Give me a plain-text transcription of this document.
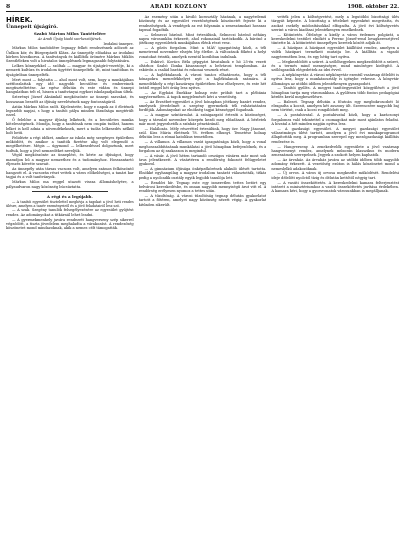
8	ARADI KÖZLÖNY	1908. október 22.
HÍREK.
Ünnepeit újságíró.

Szabó Márton Milos Tantételére

Az Aradi Újság kiadó szerkesztőjének.

Irodalmi ünnepre.

Márkus Milos tanítóidére legnagy felkéi rendezésnek adózott az Ünlkon kör, és Bürgerpárdt Klára. Az ünnepély előadása az irodalmi körben hivatkozva. A tanítványok és kiállítók örömére Márkus Miklós Szentléleken volt a hivatalos ünneplésnek legmagasabb folytatására.

Lelkes könnyekkel — szóltak — magyar és újságíró-vezetője, ki a nemzeti kultúra és irodalom ügyéért ünnepelték: itt, mint tanítóban és újságíróban ünnepelték.

Mert most — folytatta — ahol most volt, sem, hogy a munkájában szétfoszlattak egy idő nagyobb becsülése és embereinek megtiszteltetése. Az egész délután és este vidám és ünnepi hangulatban telt el, hiszen a tanítványai egykori iskolapadjaiban ültek.

Szterényi József Aksámkál megköszönte az ünnepi szavakat, és hosszasan beszélt az ifjúság nevelésének nagy fontosságáról.

Aztán Márkus Milos szólt. Kijelentette, hogy e napok az ő életének legszebb napjai, s hogy a tanítói pálya minden fáradsága megtérült ezzel.

Ő felelőse a magyar ifjúság lelkének, és a becsületes munka kötelességének. Mondja, hogy a tanítónak nem csupán tudást, hanem lelket is kell adnia a növendékeknek, mert a tudás lelkesedés nélkül holt betű.

Felidézte a régi időket, amikor az iskola még szegényes épületben működött, és amikor a tanítók fizetése alig volt elegendő a megélhetésre. Mégis — úgymond — lelkesedéssel dolgoztunk, mert tudtuk, hogy a jövő nemzedéket neveljük.

Végül megköszönte az ünneplést, és kérte az ifjúságot, hogy maradjon hű a magyar nemzethez és a tudományhoz. Hosszantartó éljenzés követte szavait.

Az ünnepély után társas vacsora volt, amelyen számos felköszöntő hangzott el. A vacsorán részt vettek a város előkelőségei, a tanári kar tagjai és a volt tanítványok.

Márkus Milos ma reggel utazott vissza állomáshelyére, a pályaudvaron nagy közönség búcsúztatta.

A régi és a legújabb.

— A tanítói egyesület tisztelettel meghívja a tagokat a jövő heti rendes ülésre, amelyen a tanév eseményeiről és a jövő feladatairól lesz szó.

— A szak. Szegény tanulók felsegélyezésére az egyesület gyűjtést rendez. Az adományokat a titkárnál lehet leadni.

— A gyermekmenhely javára rendezett hangverseny szép sikerrel végződött, a tiszta jövedelem meghaladta a várakozást. A rendezőség köszönetet mond mindazoknak, akik a nemes célt támogatták.

Az esemény után a kiváló korosztály házának, a nagyérdemű közönség és az egyesület vezetőségének köszönetét fejezte ki a rendezőségnek. A vendégek az est folyamán a zeneszámokat hosszas tapssal fogadták.

— Selmeczi bárónő. Mint értesülünk, Selmeczi bárónő néhány napra városunkba érkezett, ahol rokonainál tartózkodik. A bárónő a jótékony egyesületek munkájában élénk részt vesz.

— A gőzös forgalom. Mint a MÁV igazgatóság közli, a téli menetrend november elsején lép életbe. A változások főként a helyi vonatokat érintik, amelyek ezentúl korábban indulnak.

— Esküvő. Kovács Béla gépgyári hivatalnok e hó 25-én vezeti oltárhoz Szabó Ilonka kisasszonyt a belvárosi templomban. Az esküvőn a család barátai és rokonai vesznek részt.

— A hajléktalanok. A városi tanács elhatározta, hogy a téli hónapokra menedékhelyet nyit a hajléktalanok számára. A menedékhely a régi kaszárnya épületében lesz elhelyezve, és este hét órától reggel hét óráig lesz nyitva.

— Az Egyházi Énekkar holnap este próbát tart a plébánia nagytermében. A tagok megjelenését kéri a vezetőség.

— Az Erzsébet-egyesület a jövő hónapban jótékony bazárt rendez, amelynek jövedelmét a szegény gyermekek téli ruháztatására fordítják. Adományokat az elnökség tagjai készséggel fogadnak.

— A magyar színtársulat. A színigazgató értesíti a közönséget, hogy a társulat november közepén kezdi meg előadásait. A bérletek már most jegyezhetők a színház pénztáránál.

— Halálozás. Mély részvéttel értesülünk, hogy özv. Nagy Jánosné, szül. Kiss Mária életének 78. évében elhunyt. Temetése holnap délután lesz a római katolikus temetőben.

— A villamos. A villamos vasút igazgatósága közli, hogy a vonal meghosszabbításának munkálatai a jövő hónapban befejeződnek, és a forgalom az új szakaszon is megindul.

— A vásár. A jövő héten tartandó országos vásárra már most sok árus jelentkezett. A vásártéren a rendőrség fokozott felügyeletet gyakorol.

— A gimnázium ifjúsága önképzőkörének alakuló ülését tartotta. Elnökké egyhangúlag a magyar irodalom tanárát választották, titkár pedig a nyolcadik osztály egyik legjobb tanulója lett.

— Rendőri hír. Tegnap este egy ismeretlen tettes betört egy belvárosi kereskedésbe, és onnan nagyobb mennyiségű árut vitt el. A rendőrség erélyesen nyomoz a tettes után.

— A tűzoltóság. A városi tűzoltóság tegnap délután gyakorlatot tartott a főtéren, amelyet nagy közönség nézett végig. A gyakorlat kitűnően sikerült.

vették jelen a költségvetést, mely a legutóbbi bizottsági ülés tárgyát képezte. A bizottság a tételeket egyenként megvitatta, és azokat csekély módosításokkal elfogadta. A jövő évi költségvetés szerint a város kiadásai jelentékenyen emelkednek.

— Kitüntetés. Őfelsége a király a város érdemes polgárát, a kereskedelmi testület elnökét a Ferenc József-rend lovagkeresztjével tüntette ki. A kitüntetést ünnepélyes keretek között adják át.

— A háziipar. A háziipari egyesület kiállítást rendez, amelyen a vidék háziipari termékeit mutatja be. A kiállítás a vigadó nagytermében lesz, és egy hétig tart nyitva.

— Megkezdődött a szüret. A szőlőhegyeken megkezdődött a szüret, és a termés mind mennyiségre, mind minőségre kielégítő. A szőlősgazdák elégedettek az idei évvel.

— A népkönyvtár. A városi népkönyvtár ezentúl vasárnap délelőtt is nyitva lesz, hogy a munkásosztály is igénybe vehesse. A könyvtár állománya az utóbbi időben jelentékenyen gyarapodott.

— Tanítói gyűlés. A megyei tanítóegyesület közgyűlését a jövő hónapban tartja meg városunkban. A gyűlésen több fontos pedagógiai kérdés kerül megbeszélésre.

— Baleset. Tegnap délután a főutcán egy megbokrosodott ló elragadta a kocsit, amelyen két asszony ült. Szerencsére nagyobb baj nem történt, csak a kocsi rongálódott meg.

— A postahivatal. A postahivatal közli, hogy a karácsonyi forgalomra való tekintettel a csomagokat már most ajánlatos feladni. A hivatal a hét minden napján nyitva lesz.

— A gazdasági egyesület. A megyei gazdasági egyesület választmánya ülést tartott, amelyen a jövő évi munkaprogramot állapították meg. A programban szerepel egy mezőgazdasági kiállítás rendezése is.

— Hangverseny. A zenekedvelők egyesülete a jövő vasárnap hangversenyt rendez, amelynek műsorán klasszikus és modern zeneszámok szerepelnek. Jegyek a szokott helyen kaphatók.

— Az árvaház. Az árvaház javára az utóbbi időben több nagyobb adomány érkezett. A vezetőség ezúton is hálás köszönetet mond a nemeslelkű adakozóknak.

— Új orvos. A város új orvosa megkezdte működését. Rendelési ideje délelőtt nyolctól tízig és délután kettőtől négyig tart.

— A vasúti összeköttetés. A kereskedelmi kamara felterjesztést intézett a minisztériumhoz a vasúti összeköttetés javítása érdekében. A kamara kéri, hogy a gyorsvonatok városunkban is megálljanak.
